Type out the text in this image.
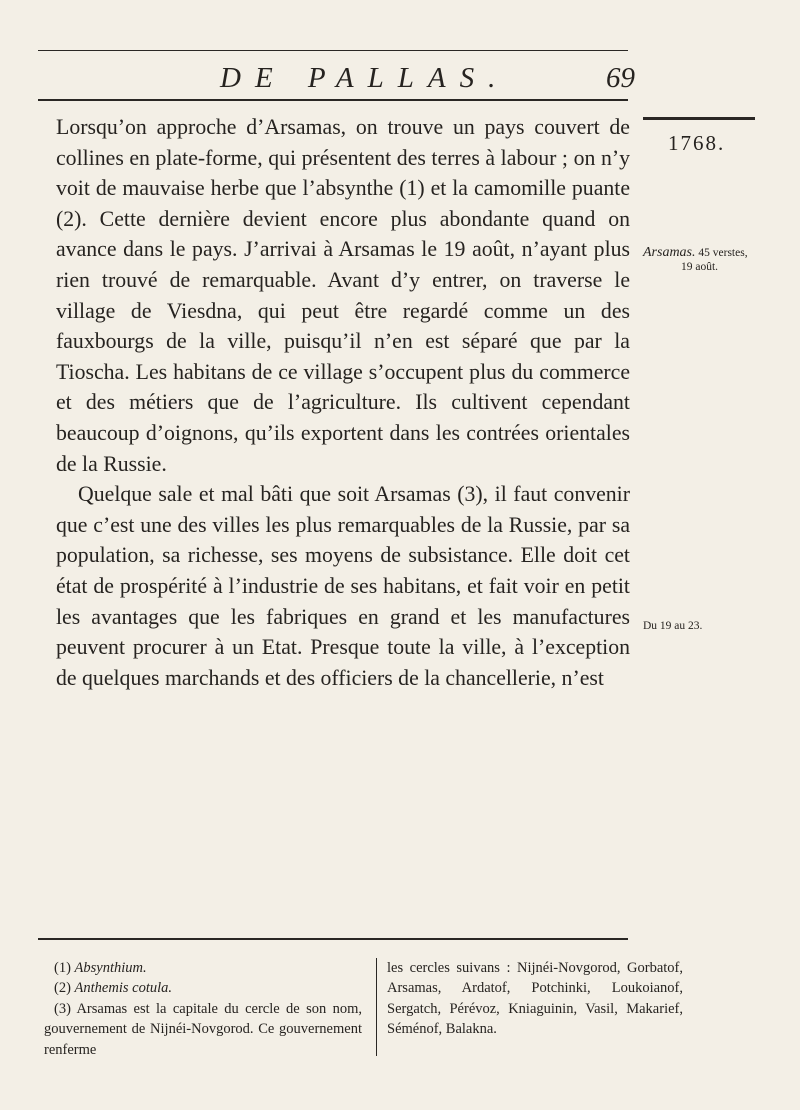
DE PALLAS.	69
1768.
Arsamas. 45 verstes,
19 août.
Du 19 au 23.

Lorsqu’on approche d’Arsamas, on trouve un pays couvert de collines en plate-forme, qui présentent des terres à labour ; on n’y voit de mauvaise herbe que l’absynthe (1) et la camomille puante (2). Cette dernière devient encore plus abondante quand on avance dans le pays. J’arrivai à Arsamas le 19 août, n’ayant plus rien trouvé de remarquable. Avant d’y entrer, on traverse le village de Viesdna, qui peut être regardé comme un des fauxbourgs de la ville, puisqu’il n’en est séparé que par la Tioscha. Les habitans de ce village s’occupent plus du commerce et des métiers que de l’agriculture. Ils cultivent cependant beaucoup d’oignons, qu’ils exportent dans les contrées orientales de la Russie.

Quelque sale et mal bâti que soit Arsamas (3), il faut convenir que c’est une des villes les plus remarquables de la Russie, par sa population, sa richesse, ses moyens de subsistance. Elle doit cet état de prospérité à l’industrie de ses habitans, et fait voir en petit les avantages que les fabriques en grand et les manufactures peuvent procurer à un Etat. Presque toute la ville, à l’exception de quelques marchands et des officiers de la chancellerie, n’est

(1) Absynthium.

(2) Anthemis cotula.

(3) Arsamas est la capitale du cercle de son nom, gouvernement de Nijnéi-Novgorod. Ce gouvernement renferme

les cercles suivans : Nijnéi-Novgorod, Gorbatof, Arsamas, Ardatof, Potchinki, Loukoianof, Sergatch, Pérévoz, Kniaguinin, Vasil, Makarief, Séménof, Balakna.
